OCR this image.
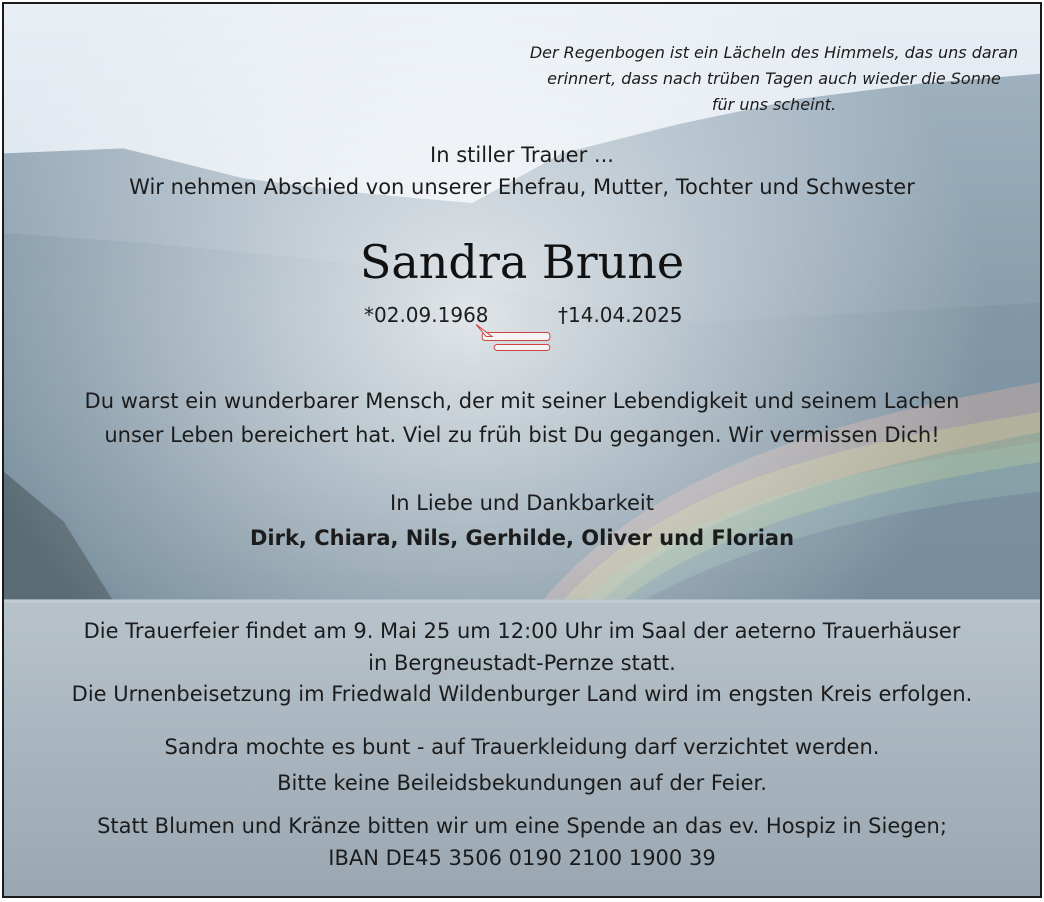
Der Regenbogen ist ein Lächeln des Himmels, das uns daran
erinnert, dass nach trüben Tagen auch wieder die Sonne
für uns scheint.
In stiller Trauer ...
Wir nehmen Abschied von unserer Ehefrau, Mutter, Tochter und Schwester
Sandra Brune
*02.09.1968	†14.04.2025
Du warst ein wunderbarer Mensch, der mit seiner Lebendigkeit und seinem Lachen
unser Leben bereichert hat. Viel zu früh bist Du gegangen. Wir vermissen Dich!
In Liebe und Dankbarkeit
Dirk, Chiara, Nils, Gerhilde, Oliver und Florian
Die Trauerfeier findet am 9. Mai 25 um 12:00 Uhr im Saal der aeterno Trauerhäuser
in Bergneustadt-Pernze statt.
Die Urnenbeisetzung im Friedwald Wildenburger Land wird im engsten Kreis erfolgen.
Sandra mochte es bunt - auf Trauerkleidung darf verzichtet werden.
Bitte keine Beileidsbekundungen auf der Feier.
Statt Blumen und Kränze bitten wir um eine Spende an das ev. Hospiz in Siegen;
IBAN DE45 3506 0190 2100 1900 39
